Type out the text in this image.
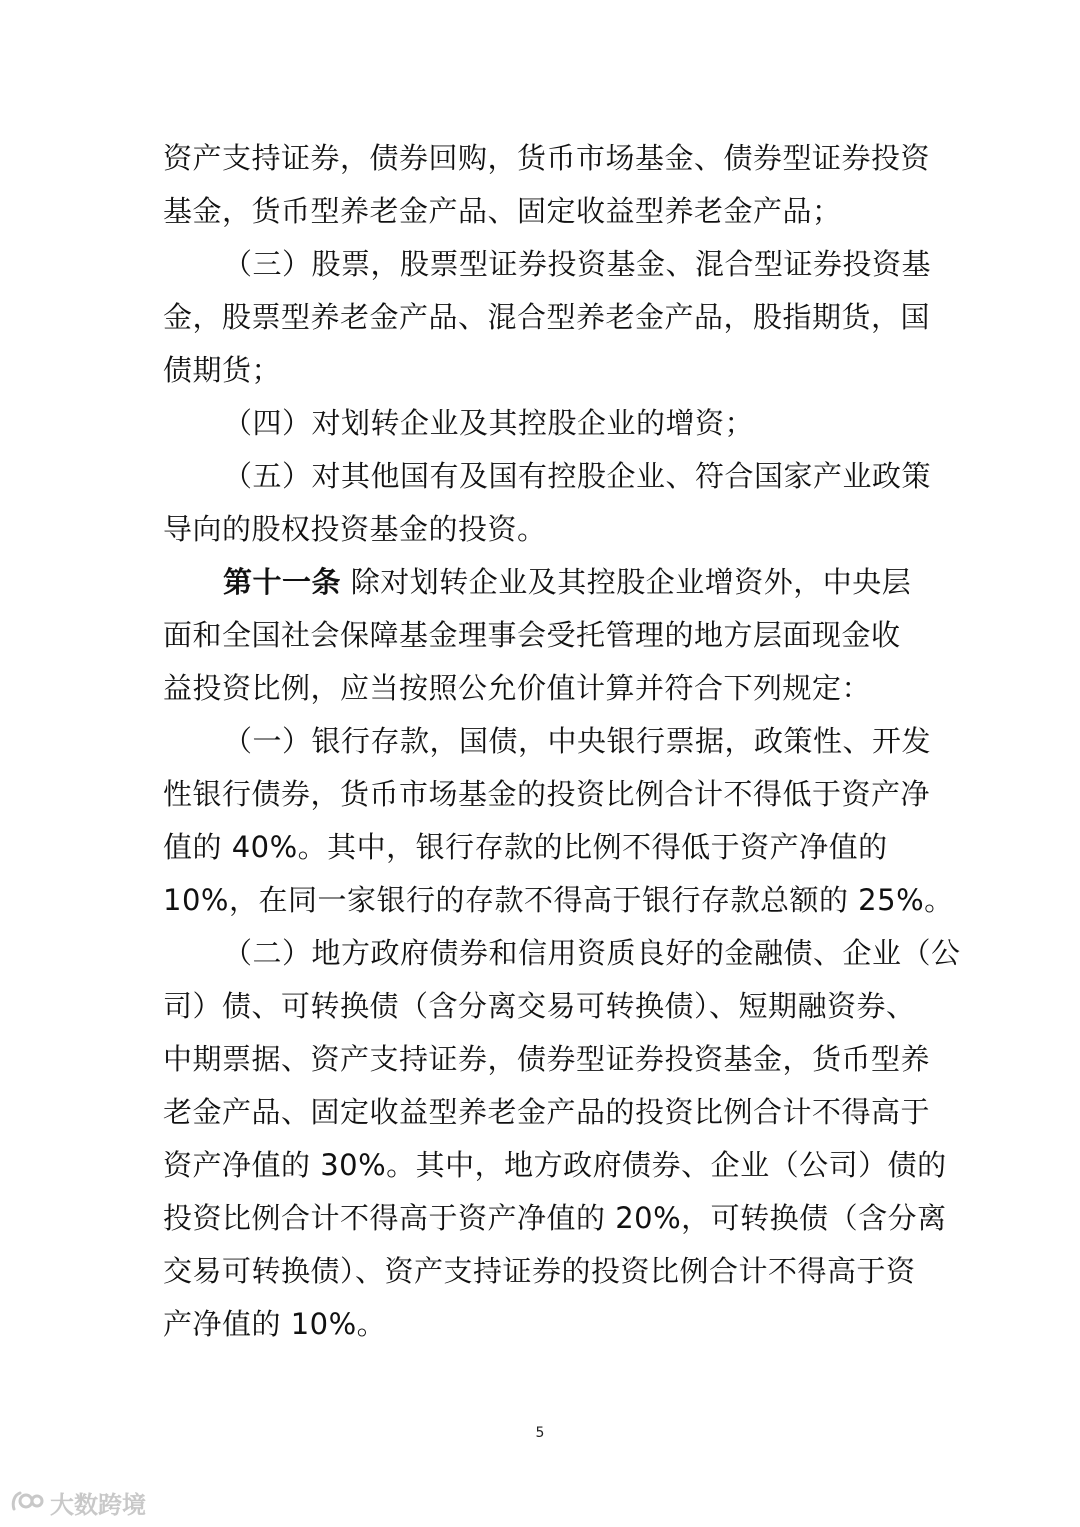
资产支持证券，债券回购，货币市场基金、债券型证券投资
基金，货币型养老金产品、固定收益型养老金产品；
（三）股票，股票型证券投资基金、混合型证券投资基
金，股票型养老金产品、混合型养老金产品，股指期货，国
债期货；
（四）对划转企业及其控股企业的增资；
（五）对其他国有及国有控股企业、符合国家产业政策
导向的股权投资基金的投资。
第十一条 除对划转企业及其控股企业增资外，中央层
面和全国社会保障基金理事会受托管理的地方层面现金收
益投资比例，应当按照公允价值计算并符合下列规定：
（一）银行存款，国债，中央银行票据，政策性、开发
性银行债券，货币市场基金的投资比例合计不得低于资产净
值的 40%。其中，银行存款的比例不得低于资产净值的
10%，在同一家银行的存款不得高于银行存款总额的 25%。
（二）地方政府债券和信用资质良好的金融债、企业（公
司）债、可转换债（含分离交易可转换债）、短期融资券、
中期票据、资产支持证券，债券型证券投资基金，货币型养
老金产品、固定收益型养老金产品的投资比例合计不得高于
资产净值的 30%。其中，地方政府债券、企业（公司）债的
投资比例合计不得高于资产净值的 20%，可转换债（含分离
交易可转换债）、资产支持证券的投资比例合计不得高于资
产净值的 10%。
5
大数跨境
